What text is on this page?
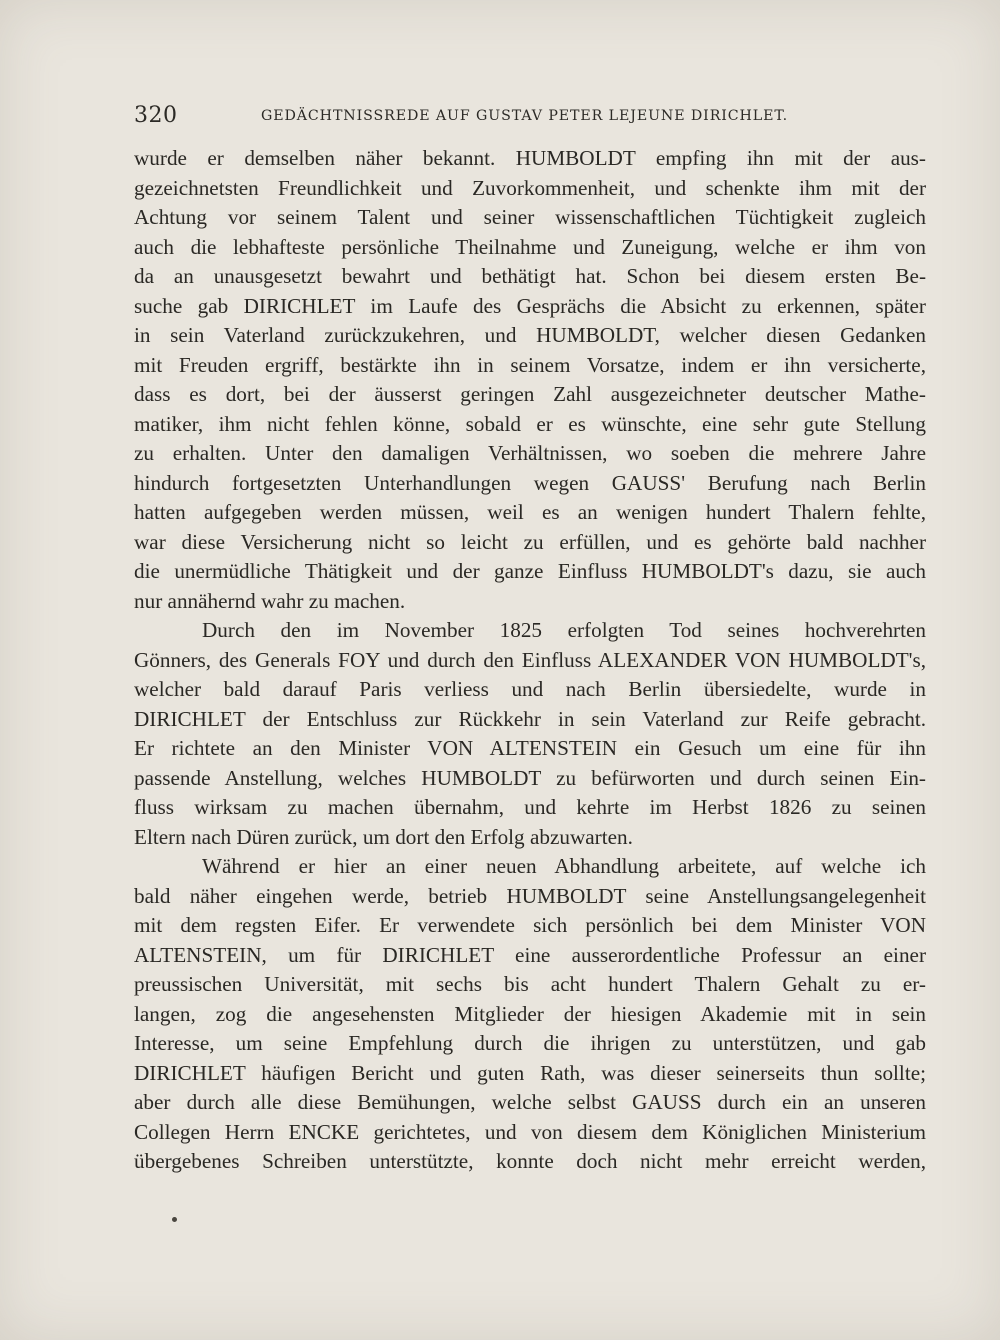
320	GEDÄCHTNISSREDE AUF GUSTAV PETER LEJEUNE DIRICHLET.
wurde er demselben näher bekannt. HUMBOLDT empfing ihn mit der aus-
gezeichnetsten Freundlichkeit und Zuvorkommenheit, und schenkte ihm mit der
Achtung vor seinem Talent und seiner wissenschaftlichen Tüchtigkeit zugleich
auch die lebhafteste persönliche Theilnahme und Zuneigung, welche er ihm von
da an unausgesetzt bewahrt und bethätigt hat. Schon bei diesem ersten Be-
suche gab DIRICHLET im Laufe des Gesprächs die Absicht zu erkennen, später
in sein Vaterland zurückzukehren, und HUMBOLDT, welcher diesen Gedanken
mit Freuden ergriff, bestärkte ihn in seinem Vorsatze, indem er ihn versicherte,
dass es dort, bei der äusserst geringen Zahl ausgezeichneter deutscher Mathe-
matiker, ihm nicht fehlen könne, sobald er es wünschte, eine sehr gute Stellung
zu erhalten. Unter den damaligen Verhältnissen, wo soeben die mehrere Jahre
hindurch fortgesetzten Unterhandlungen wegen GAUSS' Berufung nach Berlin
hatten aufgegeben werden müssen, weil es an wenigen hundert Thalern fehlte,
war diese Versicherung nicht so leicht zu erfüllen, und es gehörte bald nachher
die unermüdliche Thätigkeit und der ganze Einfluss HUMBOLDT's dazu, sie auch
nur annähernd wahr zu machen.
Durch den im November 1825 erfolgten Tod seines hochverehrten
Gönners, des Generals FOY und durch den Einfluss ALEXANDER VON HUMBOLDT's,
welcher bald darauf Paris verliess und nach Berlin übersiedelte, wurde in
DIRICHLET der Entschluss zur Rückkehr in sein Vaterland zur Reife gebracht.
Er richtete an den Minister VON ALTENSTEIN ein Gesuch um eine für ihn
passende Anstellung, welches HUMBOLDT zu befürworten und durch seinen Ein-
fluss wirksam zu machen übernahm, und kehrte im Herbst 1826 zu seinen
Eltern nach Düren zurück, um dort den Erfolg abzuwarten.
Während er hier an einer neuen Abhandlung arbeitete, auf welche ich
bald näher eingehen werde, betrieb HUMBOLDT seine Anstellungsangelegenheit
mit dem regsten Eifer. Er verwendete sich persönlich bei dem Minister VON
ALTENSTEIN, um für DIRICHLET eine ausserordentliche Professur an einer
preussischen Universität, mit sechs bis acht hundert Thalern Gehalt zu er-
langen, zog die angesehensten Mitglieder der hiesigen Akademie mit in sein
Interesse, um seine Empfehlung durch die ihrigen zu unterstützen, und gab
DIRICHLET häufigen Bericht und guten Rath, was dieser seinerseits thun sollte;
aber durch alle diese Bemühungen, welche selbst GAUSS durch ein an unseren
Collegen Herrn ENCKE gerichtetes, und von diesem dem Königlichen Ministerium
übergebenes Schreiben unterstützte, konnte doch nicht mehr erreicht werden,
